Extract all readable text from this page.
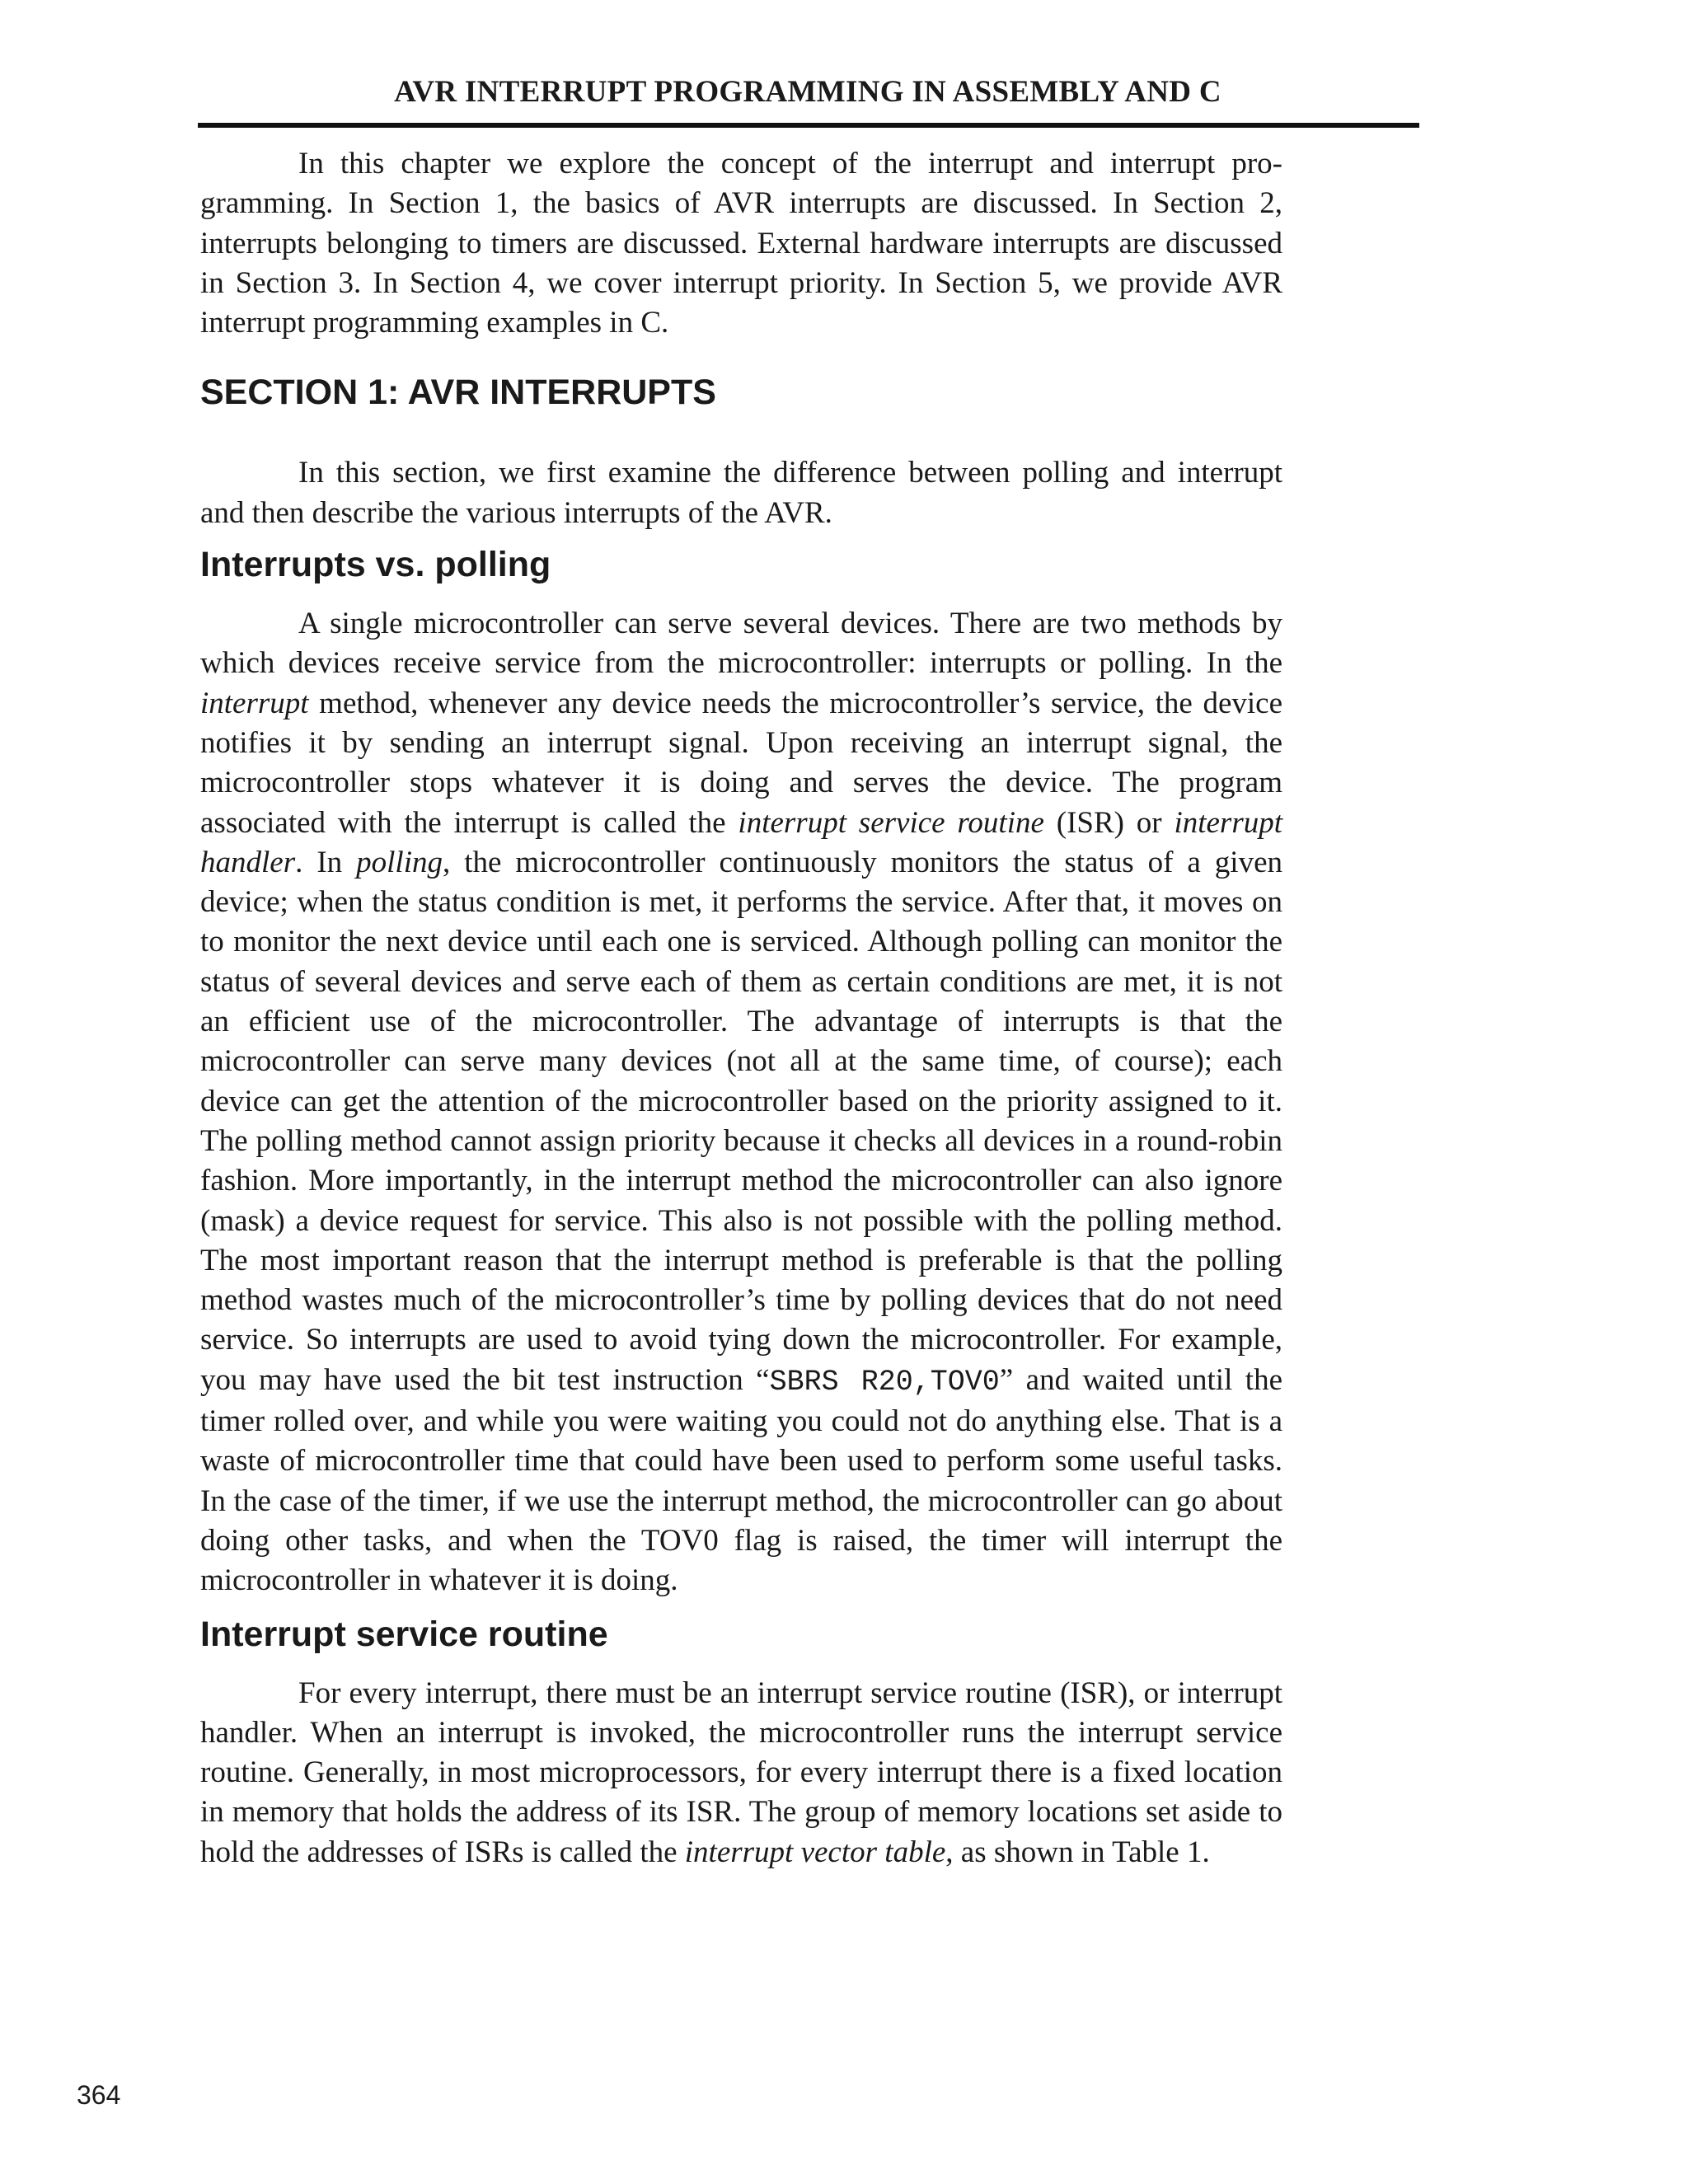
AVR INTERRUPT PROGRAMMING IN ASSEMBLY AND C

In this chapter we explore the concept of the interrupt and interrupt programming. In Section 1, the basics of AVR interrupts are discussed. In Section 2, interrupts belonging to timers are discussed. External hardware interrupts are discussed in Section 3. In Section 4, we cover interrupt priority. In Section 5, we provide AVR interrupt programming examples in C.

SECTION 1: AVR INTERRUPTS

In this section, we first examine the difference between polling and interrupt and then describe the various interrupts of the AVR.

Interrupts vs. polling

A single microcontroller can serve several devices. There are two methods by which devices receive service from the microcontroller: interrupts or polling. In the interrupt method, whenever any device needs the microcontroller’s service, the device notifies it by sending an interrupt signal. Upon receiving an interrupt signal, the microcontroller stops whatever it is doing and serves the device. The program associated with the interrupt is called the interrupt service routine (ISR) or interrupt handler. In polling, the microcontroller continuously monitors the status of a given device; when the status condition is met, it performs the service. After that, it moves on to monitor the next device until each one is serviced. Although polling can monitor the status of several devices and serve each of them as certain conditions are met, it is not an efficient use of the microcontroller. The advantage of interrupts is that the microcontroller can serve many devices (not all at the same time, of course); each device can get the attention of the microcontroller based on the priority assigned to it. The polling method cannot assign priority because it checks all devices in a round-robin fashion. More importantly, in the interrupt method the microcontroller can also ignore (mask) a device request for service. This also is not possible with the polling method. The most important reason that the interrupt method is preferable is that the polling method wastes much of the microcontroller’s time by polling devices that do not need service. So interrupts are used to avoid tying down the microcontroller. For example, you may have used the bit test instruction “SBRS R20,TOV0” and waited until the timer rolled over, and while you were waiting you could not do anything else. That is a waste of microcontroller time that could have been used to perform some useful tasks. In the case of the timer, if we use the interrupt method, the microcontroller can go about doing other tasks, and when the TOV0 flag is raised, the timer will interrupt the microcontroller in whatever it is doing.

Interrupt service routine

For every interrupt, there must be an interrupt service routine (ISR), or interrupt handler. When an interrupt is invoked, the microcontroller runs the interrupt service routine. Generally, in most microprocessors, for every interrupt there is a fixed location in memory that holds the address of its ISR. The group of memory locations set aside to hold the addresses of ISRs is called the interrupt vector table, as shown in Table 1.

364
